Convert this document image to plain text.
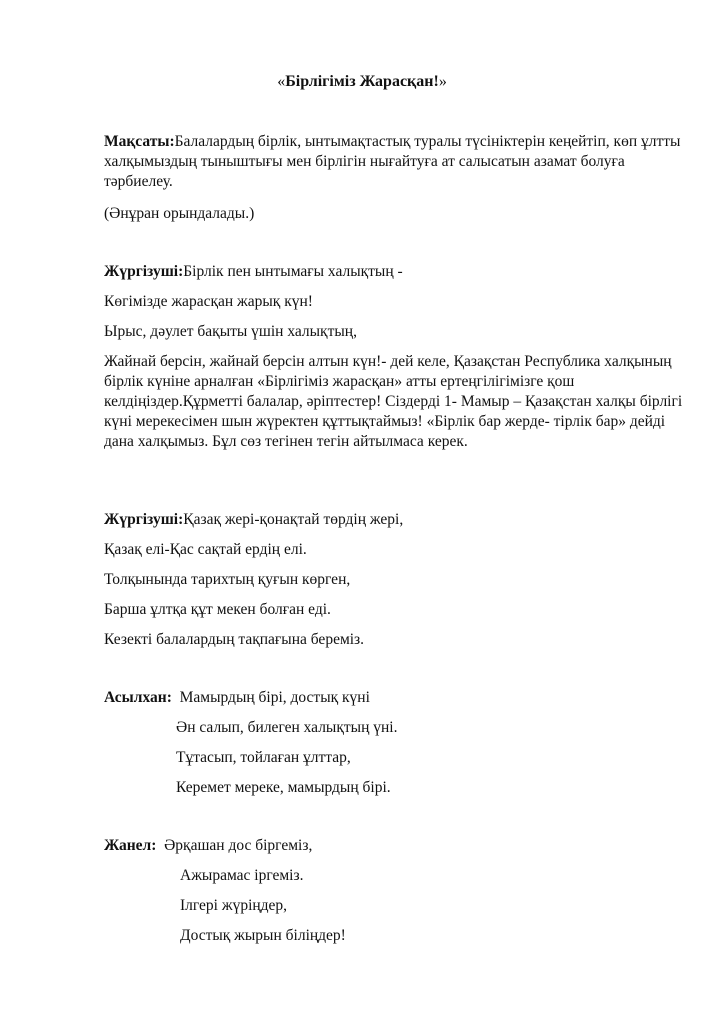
«Бірлігіміз Жарасқан!»
Мақсаты:Балалардың бірлік, ынтымақтастық туралы түсініктерін кеңейтіп, көп ұлтты халқымыздың тыныштығы мен бірлігін нығайтуға ат салысатын азамат болуға тәрбиелеу.
(Әнұран орындалады.)
Жүргізуші:Бірлік пен ынтымағы халықтың -
Көгімізде жарасқан жарық күн!
Ырыс, дәулет бақыты үшін халықтың,
Жайнай берсін, жайнай берсін алтын күн!- дей келе, Қазақстан Республика халқының бірлік күніне арналған «Бірлігіміз жарасқан» атты ертеңгілігімізге қош келдіңіздер.Құрметті балалар, әріптестер! Сіздерді 1- Мамыр – Қазақстан халқы бірлігі күні мерекесімен шын жүректен құттықтаймыз! «Бірлік бар жерде- тірлік бар» дейді дана халқымыз. Бұл сөз тегінен тегін айтылмаса керек.
Жүргізуші:Қазақ жері-қонақтай төрдің жері,
Қазақ елі-Қас сақтай ердің елі.
Толқынында тарихтың қуғын көрген,
Барша ұлтқа құт мекен болған еді.
Кезекті балалардың тақпағына береміз.
Асылхан:  Мамырдың бірі, достық күні
Ән салып, билеген халықтың үні.
Тұтасып, тойлаған ұлттар,
Керемет мереке, мамырдың бірі.
Жанел:  Әрқашан дос біргеміз,
Ажырамас іргеміз.
Ілгері жүріңдер,
Достық жырын біліңдер!
